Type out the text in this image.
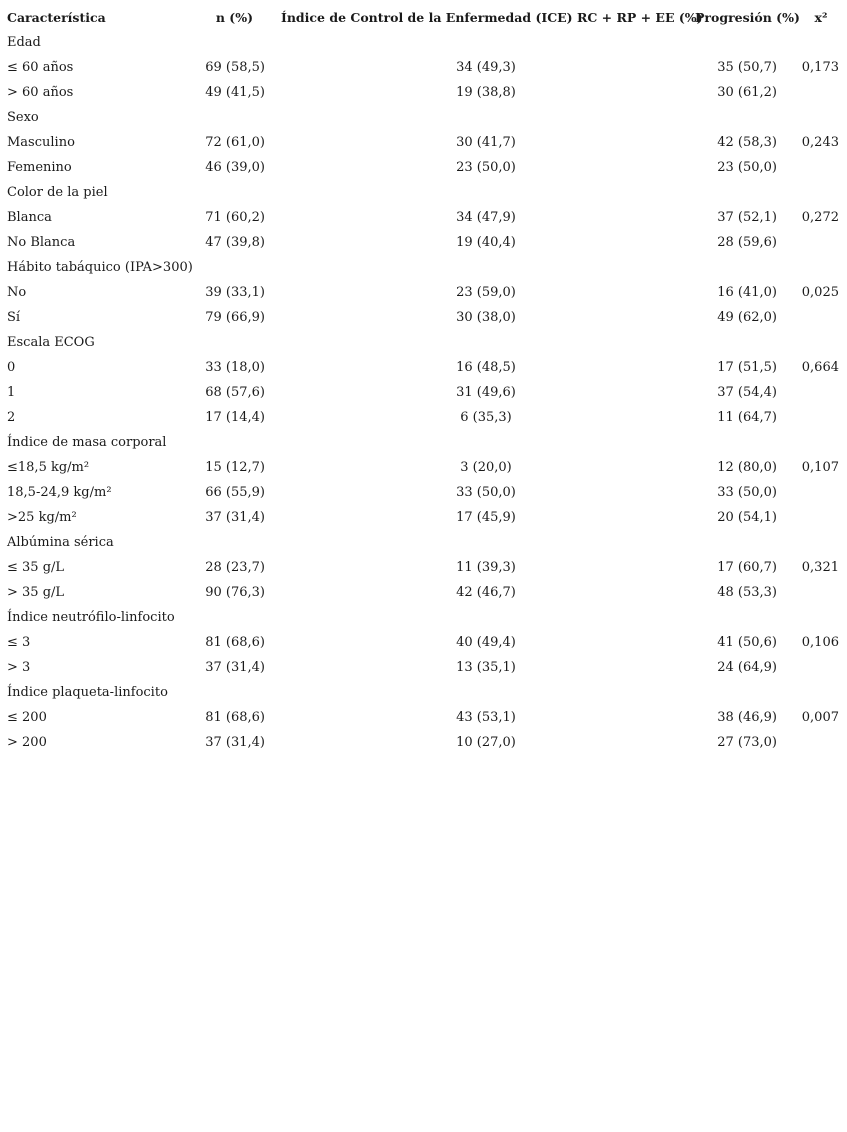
Característica	n (%)	Índice de Control de la Enfermedad (ICE) RC + RP + EE (%)	Progresión (%)	x²
Edad				
≤ 60 años	69 (58,5)	34 (49,3)	35 (50,7)	0,173
> 60 años	49 (41,5)	19 (38,8)	30 (61,2)	
Sexo				
Masculino	72 (61,0)	30 (41,7)	42 (58,3)	0,243
Femenino	46 (39,0)	23 (50,0)	23 (50,0)	
Color de la piel				
Blanca	71 (60,2)	34 (47,9)	37 (52,1)	0,272
No Blanca	47 (39,8)	19 (40,4)	28 (59,6)	
Hábito tabáquico (IPA>300)				
No	39 (33,1)	23 (59,0)	16 (41,0)	0,025
Sí	79 (66,9)	30 (38,0)	49 (62,0)	
Escala ECOG				
0	33 (18,0)	16 (48,5)	17 (51,5)	0,664
1	68 (57,6)	31 (49,6)	37 (54,4)	
2	17 (14,4)	6 (35,3)	11 (64,7)	
Índice de masa corporal				
≤18,5 kg/m²	15 (12,7)	3 (20,0)	12 (80,0)	0,107
18,5-24,9 kg/m²	66 (55,9)	33 (50,0)	33 (50,0)	
>25 kg/m²	37 (31,4)	17 (45,9)	20 (54,1)	
Albúmina sérica				
≤ 35 g/L	28 (23,7)	11 (39,3)	17 (60,7)	0,321
> 35 g/L	90 (76,3)	42 (46,7)	48 (53,3)	
Índice neutrófilo-linfocito				
≤ 3	81 (68,6)	40 (49,4)	41 (50,6)	0,106
> 3	37 (31,4)	13 (35,1)	24 (64,9)	
Índice plaqueta-linfocito				
≤ 200	81 (68,6)	43 (53,1)	38 (46,9)	0,007
> 200	37 (31,4)	10 (27,0)	27 (73,0)	
